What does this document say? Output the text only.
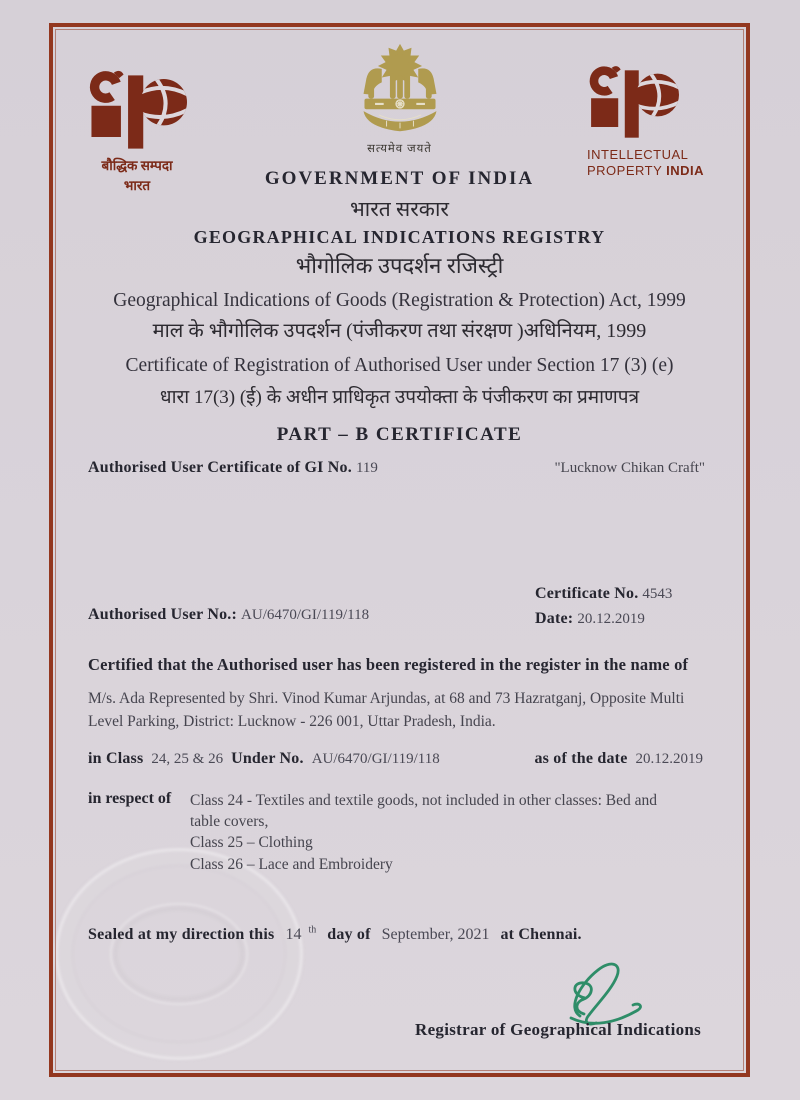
बौद्धिक सम्पदा
भारत
सत्यमेव जयते	INTELLECTUAL
PROPERTY INDIA
GOVERNMENT OF INDIA
भारत सरकार
GEOGRAPHICAL INDICATIONS REGISTRY
भौगोलिक उपदर्शन रजिस्ट्री
Geographical Indications of Goods (Registration & Protection) Act, 1999
माल के भौगोलिक उपदर्शन (पंजीकरण तथा संरक्षण )अधिनियम, 1999
Certificate of Registration of Authorised User under Section 17 (3) (e)
धारा 17(3) (ई) के अधीन प्राधिकृत उपयोक्ता के पंजीकरण का प्रमाणपत्र
PART – B CERTIFICATE
Authorised User Certificate of GI No. 119	"Lucknow Chikan Craft"
Certificate No. 4543
Authorised User No.: AU/6470/GI/119/118	Date: 20.12.2019
Certified that the Authorised user has been registered in the register in the name of
M/s. Ada Represented by Shri. Vinod Kumar Arjundas, at 68 and 73 Hazratganj, Opposite Multi Level Parking, District: Lucknow - 226 001, Uttar Pradesh, India.
in Class 24, 25 & 26 Under No. AU/6470/GI/119/118	as of the date 20.12.2019
in respect of	Class 24 - Textiles and textile goods, not included in other classes: Bed and table covers,
Class 25 – Clothing
Class 26 – Lace and Embroidery
Sealed at my direction this 14 $^{th}$ day of September, 2021 at Chennai.
Registrar of Geographical Indications
